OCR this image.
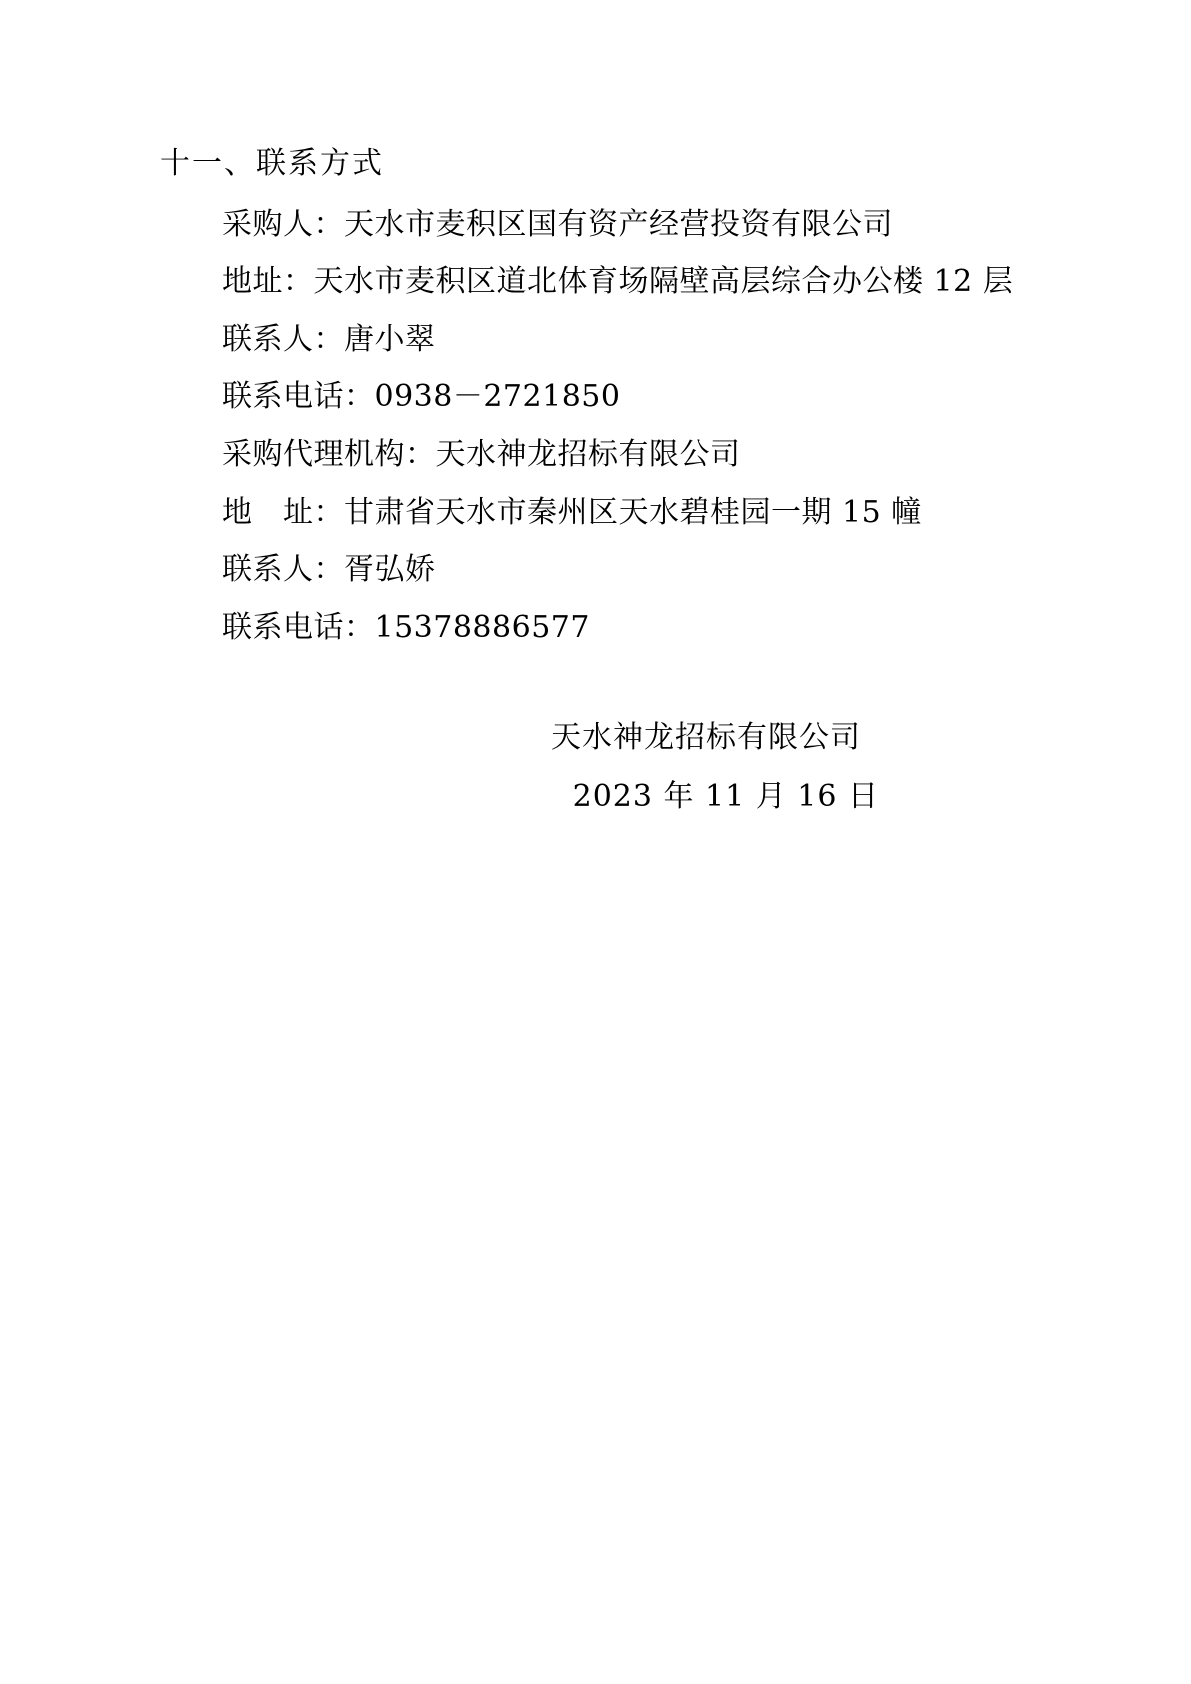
十一、联系方式
采购人：天水市麦积区国有资产经营投资有限公司
地址：天水市麦积区道北体育场隔壁高层综合办公楼 12 层
联系人：唐小翠
联系电话：0938－2721850
采购代理机构：天水神龙招标有限公司
地　址：甘肃省天水市秦州区天水碧桂园一期 15 幢
联系人：胥弘娇
联系电话：15378886577
天水神龙招标有限公司
2023 年 11 月 16 日
